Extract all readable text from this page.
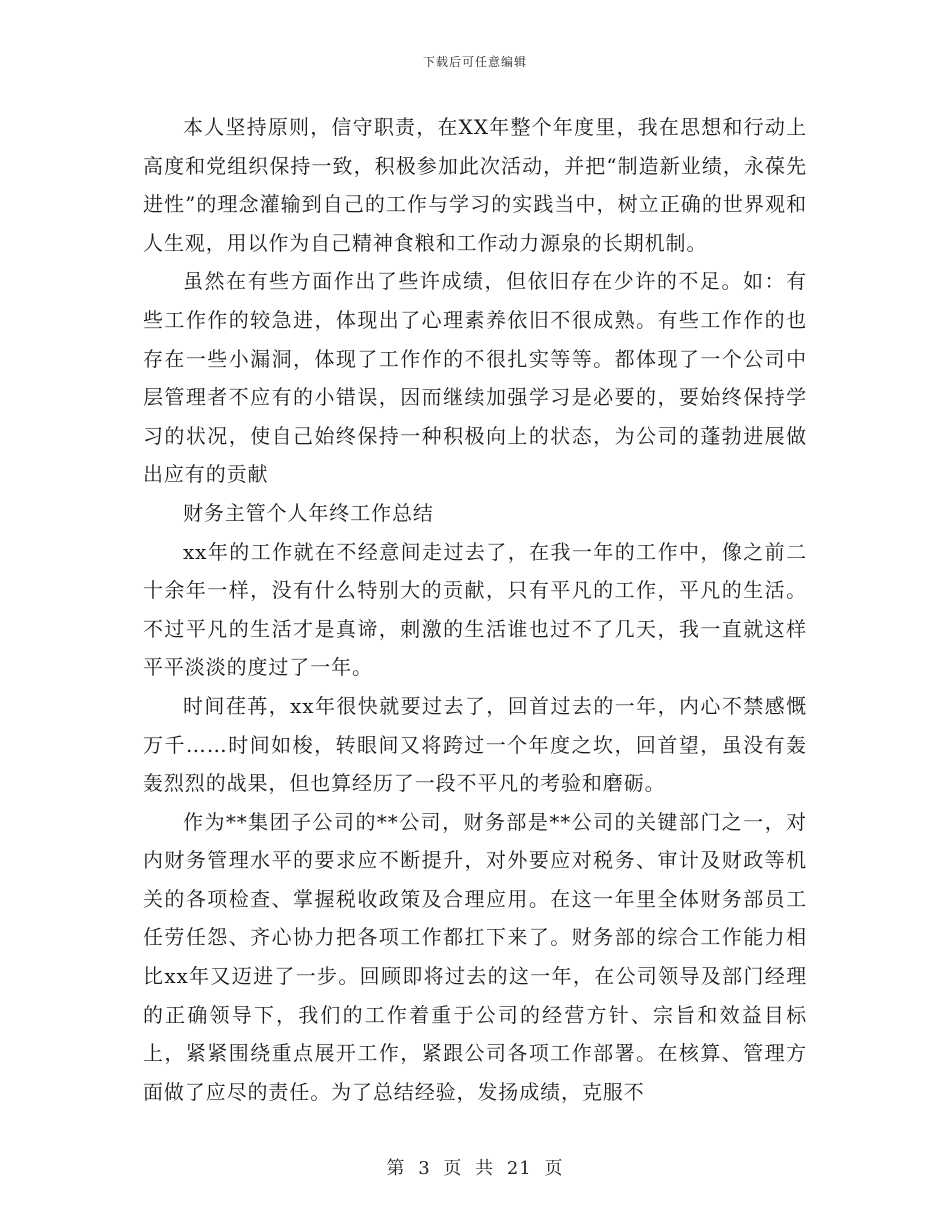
下载后可任意编辑

本人坚持原则，信守职责，在XX年整个年度里，我在思想和行动上高度和党组织保持一致，积极参加此次活动，并把“制造新业绩，永葆先进性”的理念灌输到自己的工作与学习的实践当中，树立正确的世界观和人生观，用以作为自己精神食粮和工作动力源泉的长期机制。

虽然在有些方面作出了些许成绩，但依旧存在少许的不足。如：有些工作作的较急进，体现出了心理素养依旧不很成熟。有些工作作的也存在一些小漏洞，体现了工作作的不很扎实等等。都体现了一个公司中层管理者不应有的小错误，因而继续加强学习是必要的，要始终保持学习的状况，使自己始终保持一种积极向上的状态，为公司的蓬勃进展做出应有的贡献

财务主管个人年终工作总结

xx年的工作就在不经意间走过去了，在我一年的工作中，像之前二十余年一样，没有什么特别大的贡献，只有平凡的工作，平凡的生活。不过平凡的生活才是真谛，刺激的生活谁也过不了几天，我一直就这样平平淡淡的度过了一年。

时间荏苒，xx年很快就要过去了，回首过去的一年，内心不禁感慨万千……时间如梭，转眼间又将跨过一个年度之坎，回首望，虽没有轰轰烈烈的战果，但也算经历了一段不平凡的考验和磨砺。

作为**集团子公司的**公司，财务部是**公司的关键部门之一，对内财务管理水平的要求应不断提升，对外要应对税务、审计及财政等机关的各项检查、掌握税收政策及合理应用。在这一年里全体财务部员工任劳任怨、齐心协力把各项工作都扛下来了。财务部的综合工作能力相比xx年又迈进了一步。回顾即将过去的这一年，在公司领导及部门经理的正确领导下，我们的工作着重于公司的经营方针、宗旨和效益目标上，紧紧围绕重点展开工作，紧跟公司各项工作部署。在核算、管理方面做了应尽的责任。为了总结经验，发扬成绩，克服不

第 3 页 共 21 页
